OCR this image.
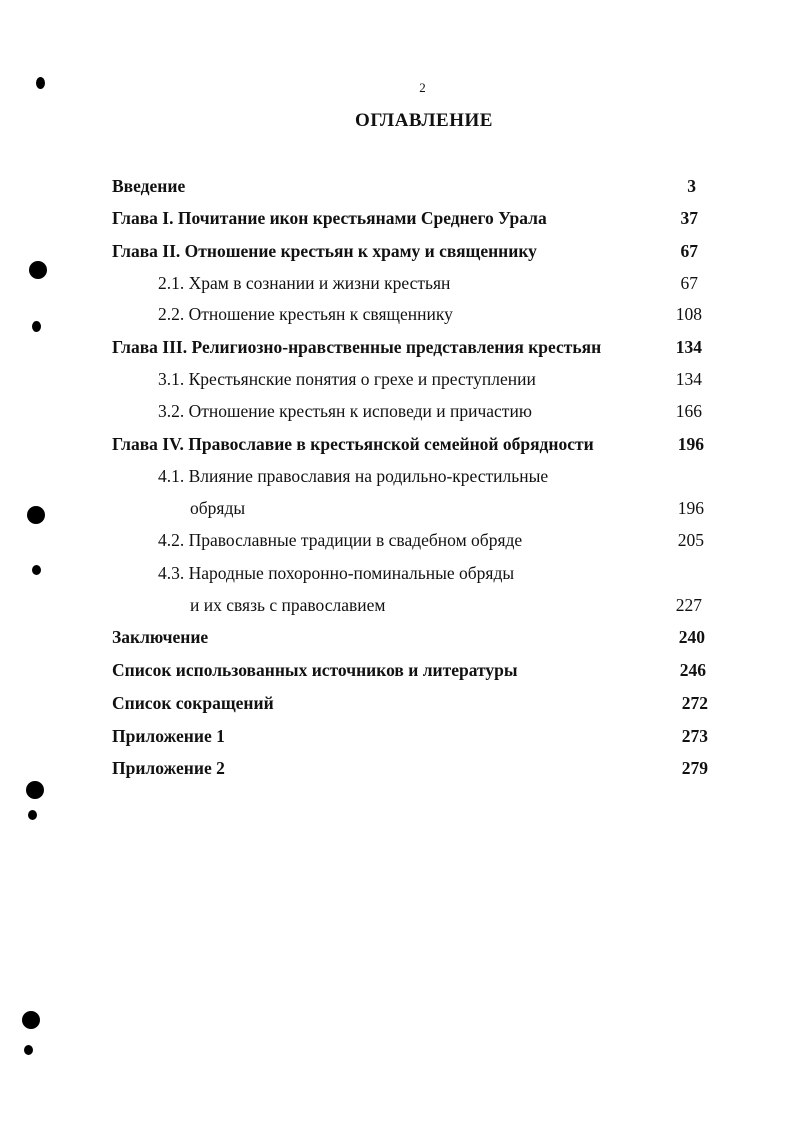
2
ОГЛАВЛЕНИЕ
Введение	3
Глава I. Почитание икон крестьянами Среднего Урала	37
Глава II. Отношение крестьян к храму и священнику	67
2.1. Храм в сознании и жизни крестьян	67
2.2. Отношение крестьян к священнику	108
Глава III. Религиозно-нравственные представления крестьян	134
3.1. Крестьянские понятия о грехе и преступлении	134
3.2. Отношение крестьян к исповеди и причастию	166
Глава IV. Православие в крестьянской семейной обрядности	196
4.1. Влияние православия на родильно-крестильные
обряды	196
4.2. Православные традиции в свадебном обряде	205
4.3. Народные похоронно-поминальные обряды
и их связь с православием	227
Заключение	240
Список использованных источников и литературы	246
Список сокращений	272
Приложение 1	273
Приложение 2	279
